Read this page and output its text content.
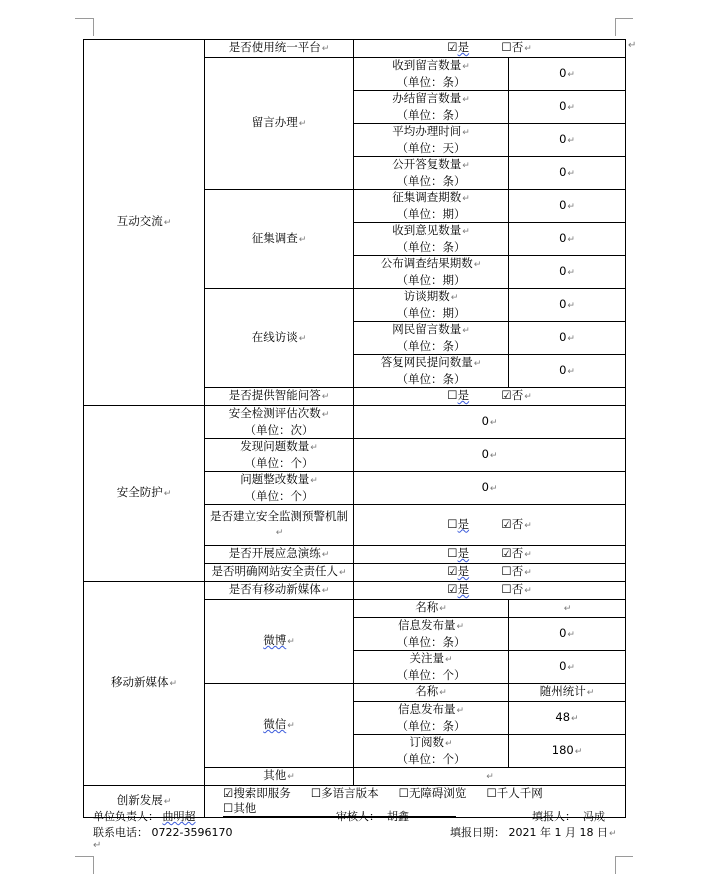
互动交流↵	是否使用统一平台↵	☑是 ☐否↵	

	留言办理↵	收到留言数量↵
（单位：条）	0↵
		办结留言数量↵
（单位：条）	0↵
		平均办理时间↵
（单位：天）	0↵
		公开答复数量↵
（单位：条）	0↵
	征集调查↵	征集调查期数↵
（单位：期）	0↵
		收到意见数量↵
（单位：条）	0↵
		公布调查结果期数↵
（单位：期）	0↵
	在线访谈↵	访谈期数↵
（单位：期）	0↵
		网民留言数量↵
（单位：条）	0↵
		答复网民提问数量↵
（单位：条）	0↵
	是否提供智能问答↵	☐是 ☑否↵	

安全防护↵	安全检测评估次数↵
（单位：次）	0↵	
	发现问题数量↵
（单位：个）	0↵	
	问题整改数量↵
（单位：个）	0↵	
	是否建立安全监测预警机制↵	☐是 ☑否↵	

	是否开展应急演练↵	☐是 ☑否↵	

	是否明确网站安全责任人↵	☑是 ☐否↵	

移动新媒体↵	是否有移动新媒体↵	☑是 ☐否↵	

	微博↵	名称↵	↵
		信息发布量↵
（单位：条）	0↵
		关注量↵
（单位：个）	0↵
	微信↵	名称↵	随州统计↵
		信息发布量↵
（单位：条）	48↵
		订阅数↵
（单位：个）	180↵
	其他↵	↵	
创新发展↵	☑搜索即服务 ☐多语言版本 ☐无障碍浏览 ☐千人千网
☐其他		
↵
单位负责人： 曲明超	审核人： 胡鑫	填报人： 冯成
联系电话： 0722-3596170	填报日期： 2021 年 1 月 18 日↵
↵
